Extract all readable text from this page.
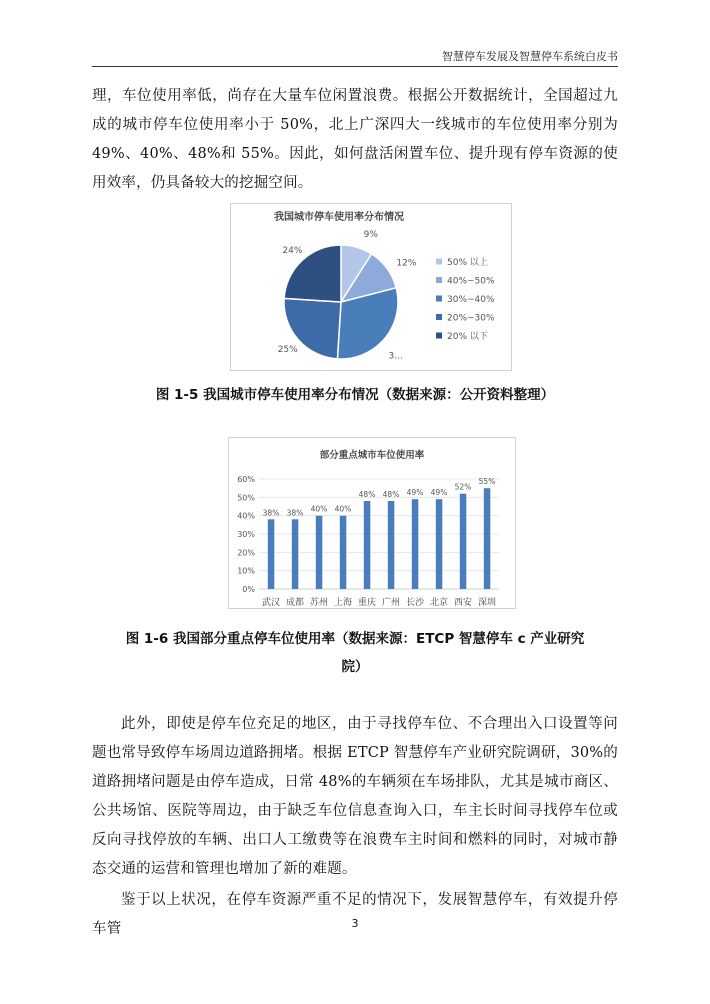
智慧停车发展及智慧停车系统白皮书

理，车位使用率低，尚存在大量车位闲置浪费。根据公开数据统计，全国超过九成的城市停车位使用率小于 50%，北上广深四大一线城市的车位使用率分别为 49%、40%、48%和 55%。因此，如何盘活闲置车位、提升现有停车资源的使用效率，仍具备较大的挖掘空间。

我国城市停车使用率分布情况
9%
12%
3...
25%
24%
50% 以上
40%~50%
30%~40%
20%~30%
20% 以下
图 1-5 我国城市停车使用率分布情况（数据来源：公开资料整理）
部分重点城市车位使用率
0%
10%
20%
30%
40%
50%
60%
38%
武汉
38%
成都
40%
苏州
40%
上海
48%
重庆
48%
广州
49%
长沙
49%
北京
52%
西安
55%
深圳
图 1-6 我国部分重点停车位使用率（数据来源：ETCP 智慧停车 c 产业研究
院）

此外，即使是停车位充足的地区，由于寻找停车位、不合理出入口设置等问题也常导致停车场周边道路拥堵。根据 ETCP 智慧停车产业研究院调研，30%的道路拥堵问题是由停车造成，日常 48%的车辆须在车场排队，尤其是城市商区、公共场馆、医院等周边，由于缺乏车位信息查询入口，车主长时间寻找停车位或反向寻找停放的车辆、出口人工缴费等在浪费车主时间和燃料的同时，对城市静态交通的运营和管理也增加了新的难题。

鉴于以上状况，在停车资源严重不足的情况下，发展智慧停车，有效提升停车管	3
